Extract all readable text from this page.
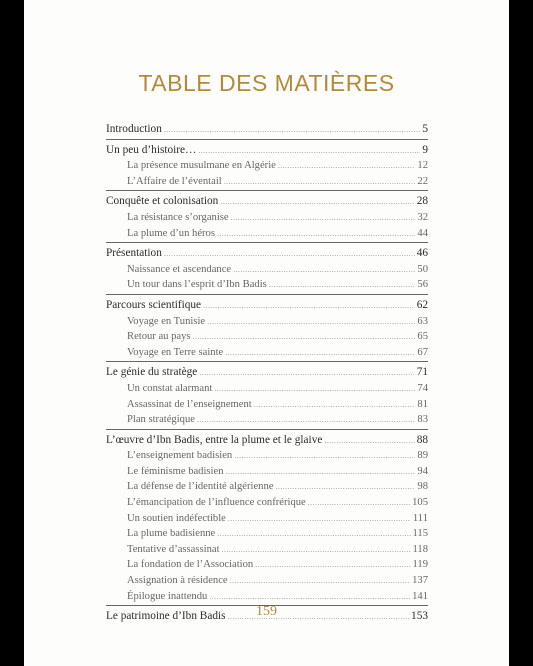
TABLE DES MATIÈRES
Introduction .....	5
Un peu d’histoire… .....	9
La présence musulmane en Algérie .....	12
L’Affaire de l’éventail .....	22
Conquête et colonisation .....	28
La résistance s’organise .....	32
La plume d’un héros .....	44
Présentation .....	46
Naissance et ascendance .....	50
Un tour dans l’esprit d’Ibn Badis .....	56
Parcours scientifique .....	62
Voyage en Tunisie .....	63
Retour au pays .....	65
Voyage en Terre sainte .....	67
Le génie du stratège .....	71
Un constat alarmant .....	74
Assassinat de l’enseignement .....	81
Plan stratégique .....	83
L’œuvre d’Ibn Badis, entre la plume et le glaive .....	88
L’enseignement badisien .....	89
Le féminisme badisien .....	94
La défense de l’identité algérienne .....	98
L’émancipation de l’influence confrérique .....	105
Un soutien indéfectible .....	111
La plume badisienne .....	115
Tentative d’assassinat .....	118
La fondation de l’Association .....	119
Assignation à résidence .....	137
Épilogue inattendu .....	141
Le patrimoine d’Ibn Badis .....	153
159
